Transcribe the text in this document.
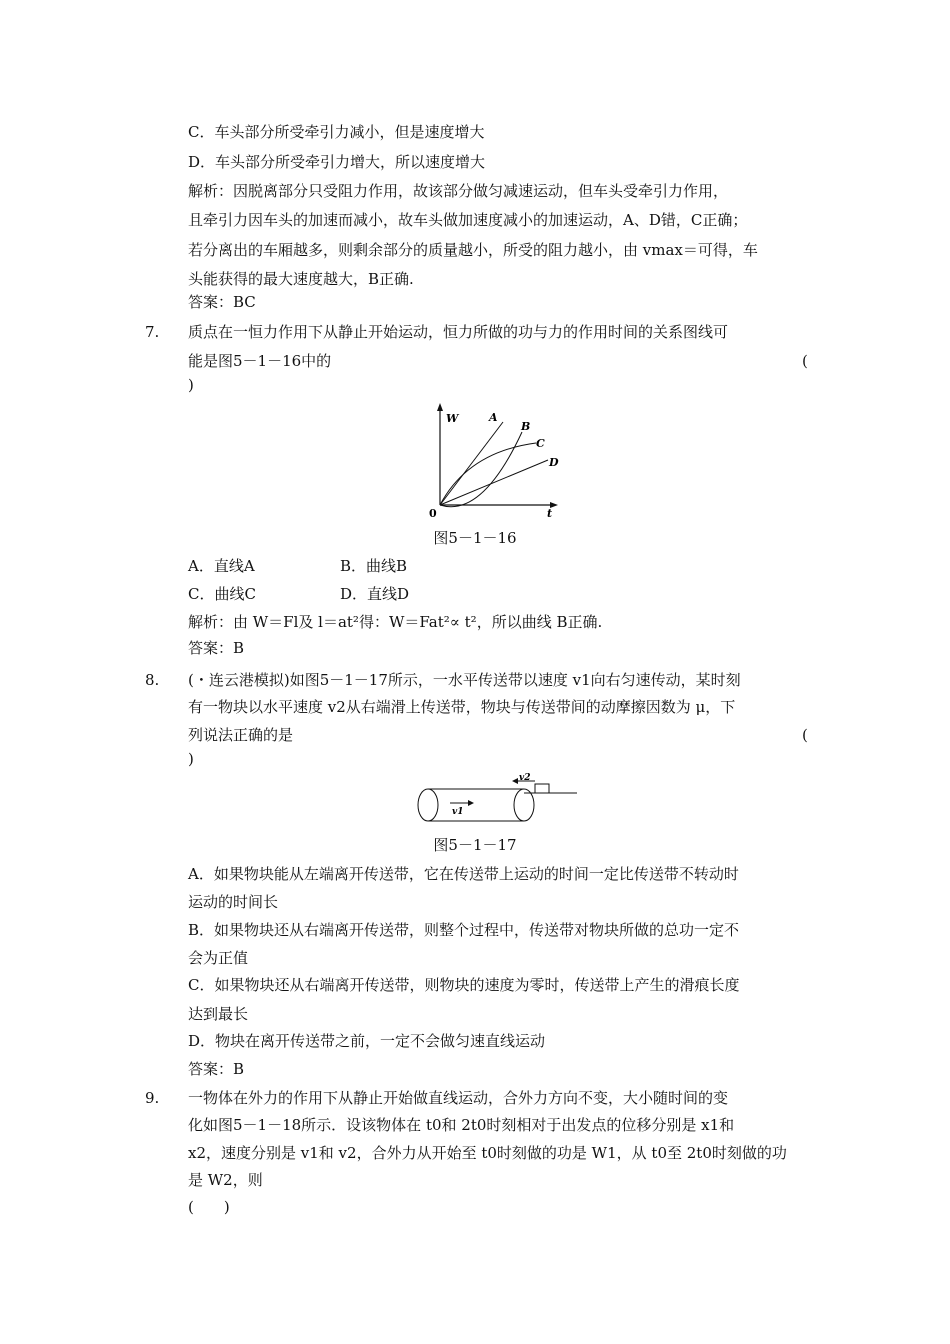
C．车头部分所受牵引力减小，但是速度增大
D．车头部分所受牵引力增大，所以速度增大
解析：因脱离部分只受阻力作用，故该部分做匀减速运动，但车头受牵引力作用，
且牵引力因车头的加速而减小，故车头做加速度减小的加速运动，A、D错，C正确；
若分离出的车厢越多，则剩余部分的质量越小，所受的阻力越小，由 vmax＝可得，车
头能获得的最大速度越大，B正确.
答案：BC
7. 质点在一恒力作用下从静止开始运动，恒力所做的功与力的作用时间的关系图线可
能是图5－1－16中的	(
)
W
t
0
A
B
C
D
图5－1－16
A．直线A	B．曲线B
C．曲线C	D．直线D
解析：由 W＝Fl及 l＝at²得：W＝Fat²∝ t²，所以曲线 B正确.
答案：B
8. (・连云港模拟)如图5－1－17所示，一水平传送带以速度 v1向右匀速传动，某时刻
有一物块以水平速度 v2从右端滑上传送带，物块与传送带间的动摩擦因数为 μ，下
列说法正确的是	(
)
v2
v1
图5－1－17
A．如果物块能从左端离开传送带，它在传送带上运动的时间一定比传送带不转动时
运动的时间长
B．如果物块还从右端离开传送带，则整个过程中，传送带对物块所做的总功一定不
会为正值
C．如果物块还从右端离开传送带，则物块的速度为零时，传送带上产生的滑痕长度
达到最长
D．物块在离开传送带之前，一定不会做匀速直线运动
答案：B
9. 一物体在外力的作用下从静止开始做直线运动，合外力方向不变，大小随时间的变
化如图5－1－18所示．设该物体在 t0和 2t0时刻相对于出发点的位移分别是 x1和
x2，速度分别是 v1和 v2，合外力从开始至 t0时刻做的功是 W1，从 t0至 2t0时刻做的功
是 W2，则
(　　)
